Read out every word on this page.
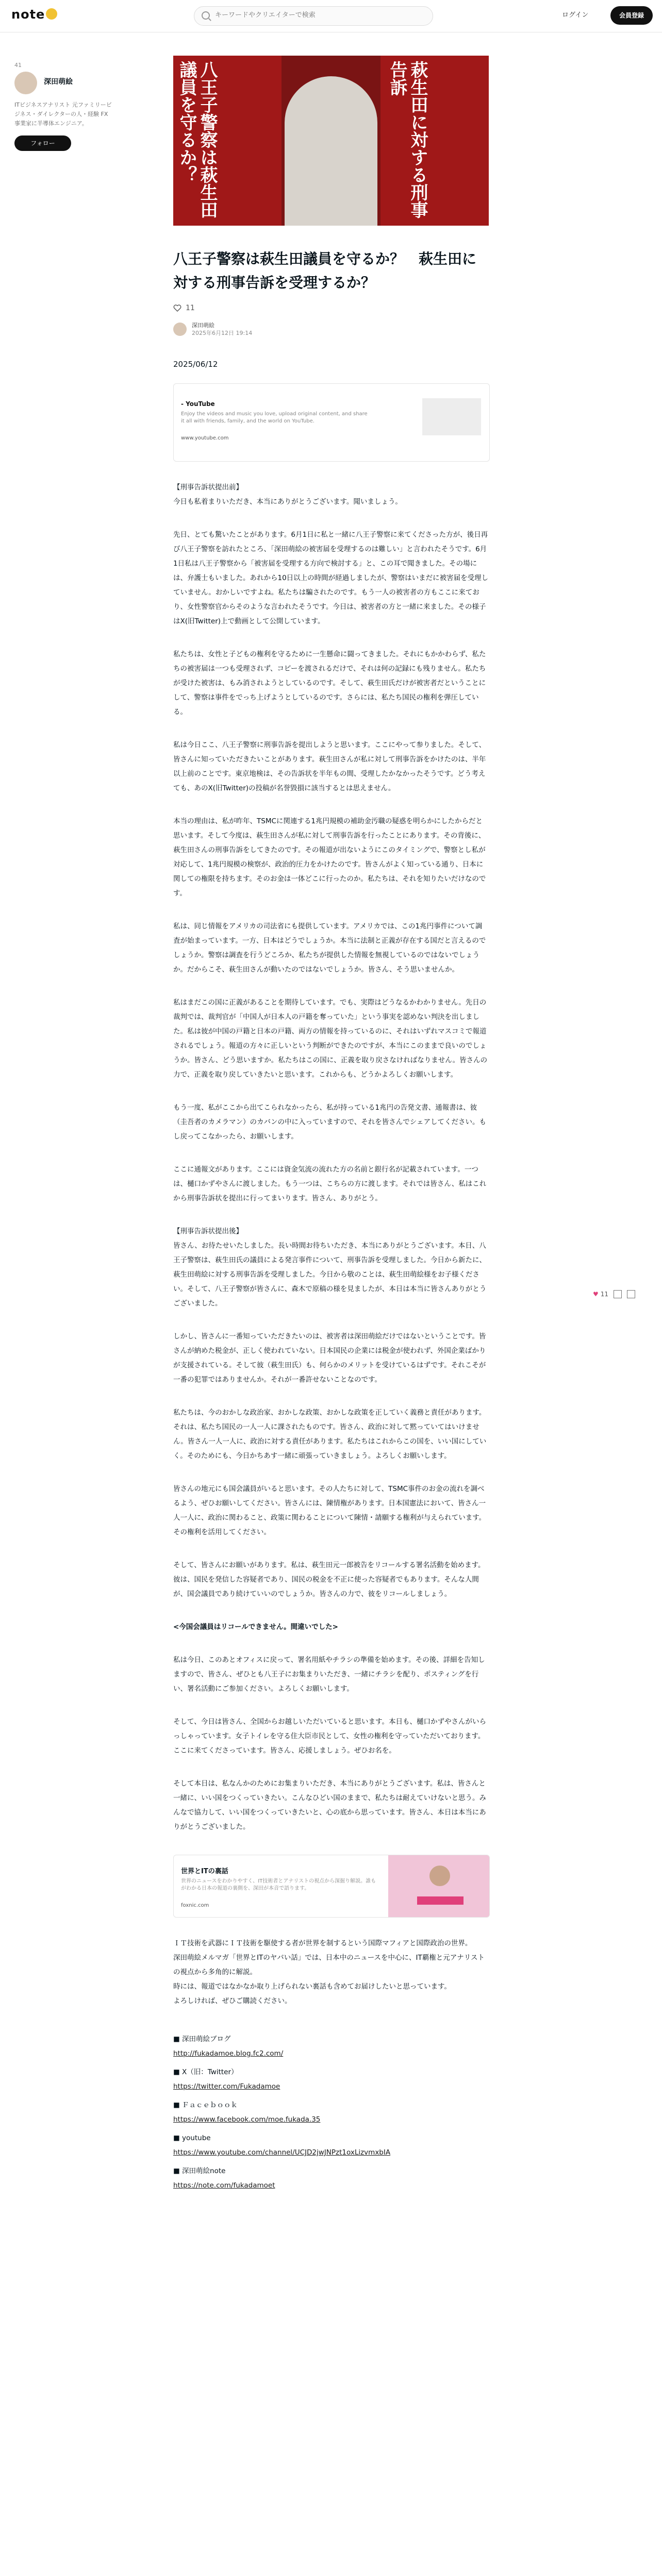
note
キーワードやクリエイターで検索	ログイン	会員登録
41
深田萌絵
ITビジネスアナリスト 元ファミリービジネス・ダイレクターの人・経験 FX事業家に半導体エンジニア。
フォロー	八王子警察は萩生田議員を守るか？	萩生田に対する刑事告訴
八王子警察は萩生田議員を守るか？　萩生田に対する刑事告訴を受理するか？
11
深田萌絵
2025年6月12日 19:14
2025/06/12
- YouTube
Enjoy the videos and music you love, upload original content, and share it all with friends, family, and the world on YouTube.
www.youtube.com

【刑事告訴状提出前】

今日も私着まりいただき、本当にありがとうございます。聞いましょう。

先日、とても驚いたことがあります。6月1日に私と一緒に八王子警察に来てくださった方が、後日再び八王子警察を訪れたところ、「深田萌絵の被害届を受理するのは難しい」と言われたそうです。6月1日私は八王子警察から「被害届を受理する方向で検討する」と、この耳で聞きました。その場には、弁護士もいました。あれから10日以上の時間が経過しましたが、警察はいまだに被害届を受理していません。おかしいですよね。私たちは騙されたのです。もう一人の被害者の方もここに来ており、女性警察官からそのような言われたそうです。今日は、被害者の方と一緒に来ました。その様子はX(旧Twitter)上で動画として公開しています。

私たちは、女性と子どもの権利を守るために一生懸命に闘ってきました。それにもかかわらず、私たちの被害届は一つも受理されず、コピーを渡されるだけで、それは何の記録にも残りません。私たちが受けた被害は、もみ消されようとしているのです。そして、萩生田氏だけが被害者だということにして、警察は事件をでっち上げようとしているのです。さらには、私たち国民の権利を弾圧している。

私は今日ここ、八王子警察に刑事告訴を提出しようと思います。ここにやって参りました。そして、皆さんに知っていただきたいことがあります。萩生田さんが私に対して刑事告訴をかけたのは、半年以上前のことです。東京地検は、その告訴状を半年もの間、受理したかなかったそうです。どう考えても、あのX(旧Twitter)の投稿が名誉毀損に該当するとは思えません。

本当の理由は、私が昨年、TSMCに関連する1兆円規模の補助金汚職の疑惑を明らかにしたからだと思います。そして今度は、萩生田さんが私に対して刑事告訴を行ったことにあります。その背後に、萩生田さんの刑事告訴をしてきたのです。その報道が出ないようにこのタイミングで、警察とし私が対応して、1兆円規模の検察が、政治的圧力をかけたのです。皆さんがよく知っている通り、日本に関しての権限を持ちます。そのお金は一体どこに行ったのか。私たちは、それを知りたいだけなのです。

私は、同じ情報をアメリカの司法省にも提供しています。アメリカでは、この1兆円事件について調査が始まっています。一方、日本はどうでしょうか。本当に法制と正義が存在する国だと言えるのでしょうか。警察は調査を行うどころか、私たちが提供した情報を無視しているのではないでしょうか。だからこそ、萩生田さんが動いたのではないでしょうか。皆さん、そう思いませんか。

私はまだこの国に正義があることを期待しています。でも、実際はどうなるかわかりません。先日の裁判では、裁判官が「中国人が日本人の戸籍を奪っていた」という事実を認めない判決を出しました。私は彼が中国の戸籍と日本の戸籍、両方の情報を持っているのに、それはいずれマスコミで報道されるでしょう。報道の方々に正しいという判断ができたのですが、本当にこのままで良いのでしょうか。皆さん、どう思いますか。私たちはこの国に、正義を取り戻さなければなりません。皆さんの力で、正義を取り戻していきたいと思います。これからも、どうかよろしくお願いします。

もう一度、私がここから出てこられなかったら、私が持っている1兆円の告発文書、通報書は、彼（圭吾者のカメラマン）のカバンの中に入っていますので、それを皆さんでシェアしてください。もし戻ってこなかったら、お願いします。

ここに通報文があります。ここには資金気流の流れた方の名前と銀行名が記載されています。一つは、樋口かずやさんに渡しました。もう一つは、こちらの方に渡します。それでは皆さん、私はこれから刑事告訴状を提出に行ってまいります。皆さん、ありがとう。

【刑事告訴状提出後】

皆さん、お待たせいたしました。長い時間お待ちいただき、本当にありがとうございます。本日、八王子警察は、萩生田氏の議員による発言事件について、刑事告訴を受理しました。今日から新たに、萩生田萌絵に対する刑事告訴を受理しました。今日から敬のことは、萩生田萌絵様をお子様ください。そして、八王子警察が皆さんに、森木で原稿の様を見ましたが、本日は本当に皆さんありがとうございました。

しかし、皆さんに一番知っていただきたいのは、被害者は深田萌絵だけではないということです。皆さんが納めた税金が、正しく使われていない。日本国民の企業には税金が使われず、外国企業ばかりが支援されている。そして彼（萩生田氏）も、何らかのメリットを受けているはずです。それこそが一番の犯罪ではありませんか。それが一番許せないことなのです。

私たちは、今のおかしな政治家、おかしな政策、おかしな政策を正していく義務と責任があります。それは、私たち国民の一人一人に課されたものです。皆さん、政治に対して黙っていてはいけません。皆さん一人一人に、政治に対する責任があります。私たちはこれからこの国を、いい国にしていく。そのためにも、今日かちあす一緒に頑張っていきましょう。よろしくお願いします。

皆さんの地元にも国会議員がいると思います。その人たちに対して、TSMC事件のお金の流れを調べるよう、ぜひお願いしてください。皆さんには、陳情権があります。日本国憲法において、皆さん一人一人に、政治に関わること、政策に関わることについて陳情・請願する権利が与えられています。その権利を活用してください。

そして、皆さんにお願いがあります。私は、萩生田元一郎被告をリコールする署名活動を始めます。彼は、国民を発信した容疑者であり、国民の税金を不正に使った容疑者でもあります。そんな人間が、国会議員であり続けていいのでしょうか。皆さんの力で、彼をリコールしましょう。

<今国会議員はリコールできません。間違いでした>

私は今日、このあとオフィスに戻って、署名用紙やチラシの準備を始めます。その後、詳細を告知しますので、皆さん、ぜひとも八王子にお集まりいただき、一緒にチラシを配り、ポスティングを行い、署名活動にご参加ください。よろしくお願いします。

そして、今日は皆さん、全国からお越しいただいていると思います。本日も、樋口かずやさんがいらっしゃっています。女子トイレを守る住大臣市民として、女性の権利を守っていただいております。ここに来てくださっています。皆さん、応援しましょう。ぜひお名を。

そして本日は、私なんかのためにお集まりいただき、本当にありがとうございます。私は、皆さんと一緒に、いい国をつくっていきたい。こんなひどい国のままで、私たちは耐えていけないと思う。みんなで協力して、いい国をつくっていきたいと、心の底から思っています。皆さん、本日は本当にありがとうございました。

世界とITの裏話
世界のニュースをわかりやすく、IT技術者とアナリストの視点から深掘り解説。誰もがわかる日本の報道の裏側を、深田が本音で語ります。
foxnic.com

ＩＴ技術を武器にＩＴ技術を駆使する者が世界を制するという国際マフィアと国際政治の世界。

深田萌絵メルマガ「世界とITのヤバい話」では、日本中のニュースを中心に、IT覇権と元アナリストの視点から多角的に解説。

時には、報道ではなかなか取り上げられない裏話も含めてお届けしたいと思っています。

よろしければ、ぜひご購読ください。

■ 深田萌絵ブログ
http://fukadamoe.blog.fc2.com/
■ X（旧：Twitter）
https://twitter.com/Fukadamoe
■ Ｆａｃｅｂｏｏｋ
https://www.facebook.com/moe.fukada.35
■ youtube
https://www.youtube.com/channel/UCJD2jwJNPzt1oxLizvmxbIA
■ 深田萌絵note
https://note.com/fukadamoet
♥ 11
